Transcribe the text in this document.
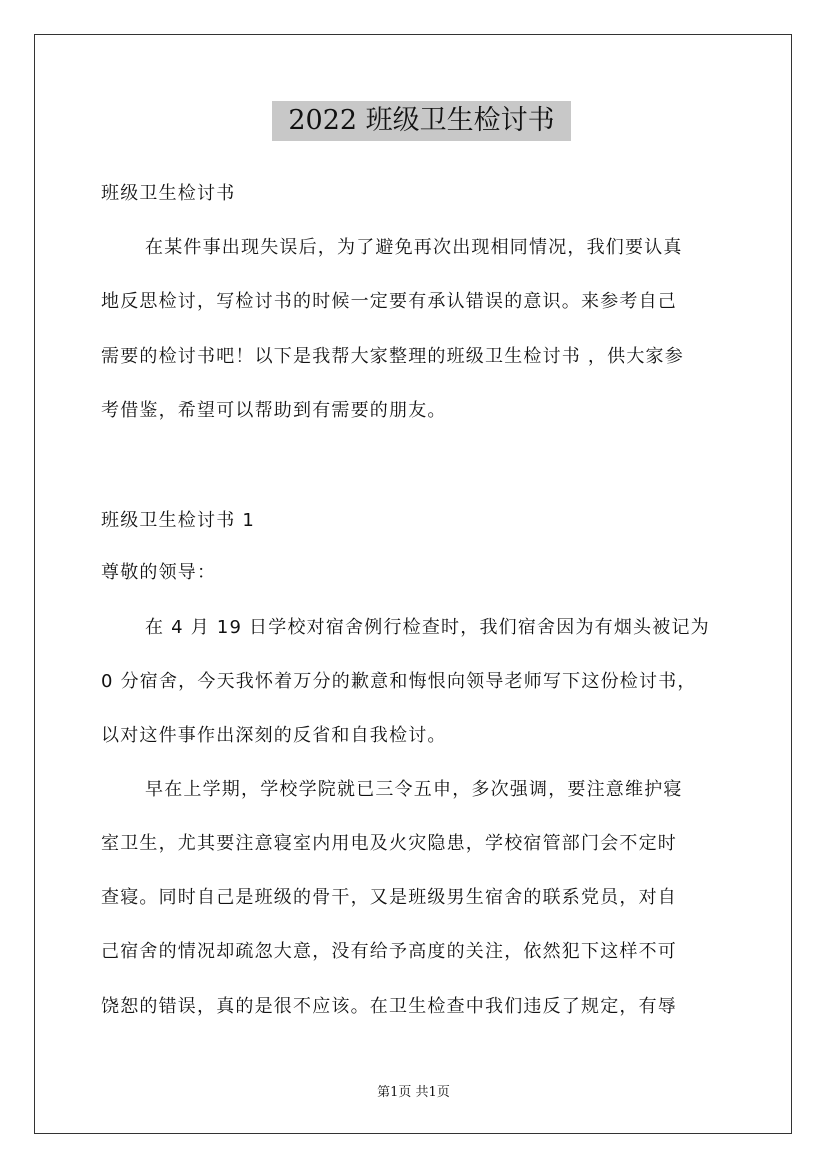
2022 班级卫生检讨书
班级卫生检讨书
在某件事出现失误后，为了避免再次出现相同情况，我们要认真
地反思检讨，写检讨书的时候一定要有承认错误的意识。来参考自己
需要的检讨书吧！以下是我帮大家整理的班级卫生检讨书 ，供大家参
考借鉴，希望可以帮助到有需要的朋友。
班级卫生检讨书 1
尊敬的领导：
在 4 月 19 日学校对宿舍例行检查时，我们宿舍因为有烟头被记为
0 分宿舍，今天我怀着万分的歉意和悔恨向领导老师写下这份检讨书，
以对这件事作出深刻的反省和自我检讨。
早在上学期，学校学院就已三令五申，多次强调，要注意维护寝
室卫生，尤其要注意寝室内用电及火灾隐患，学校宿管部门会不定时
查寝。同时自己是班级的骨干，又是班级男生宿舍的联系党员，对自
己宿舍的情况却疏忽大意，没有给予高度的关注，依然犯下这样不可
饶恕的错误，真的是很不应该。在卫生检查中我们违反了规定，有辱
第1页 共1页
